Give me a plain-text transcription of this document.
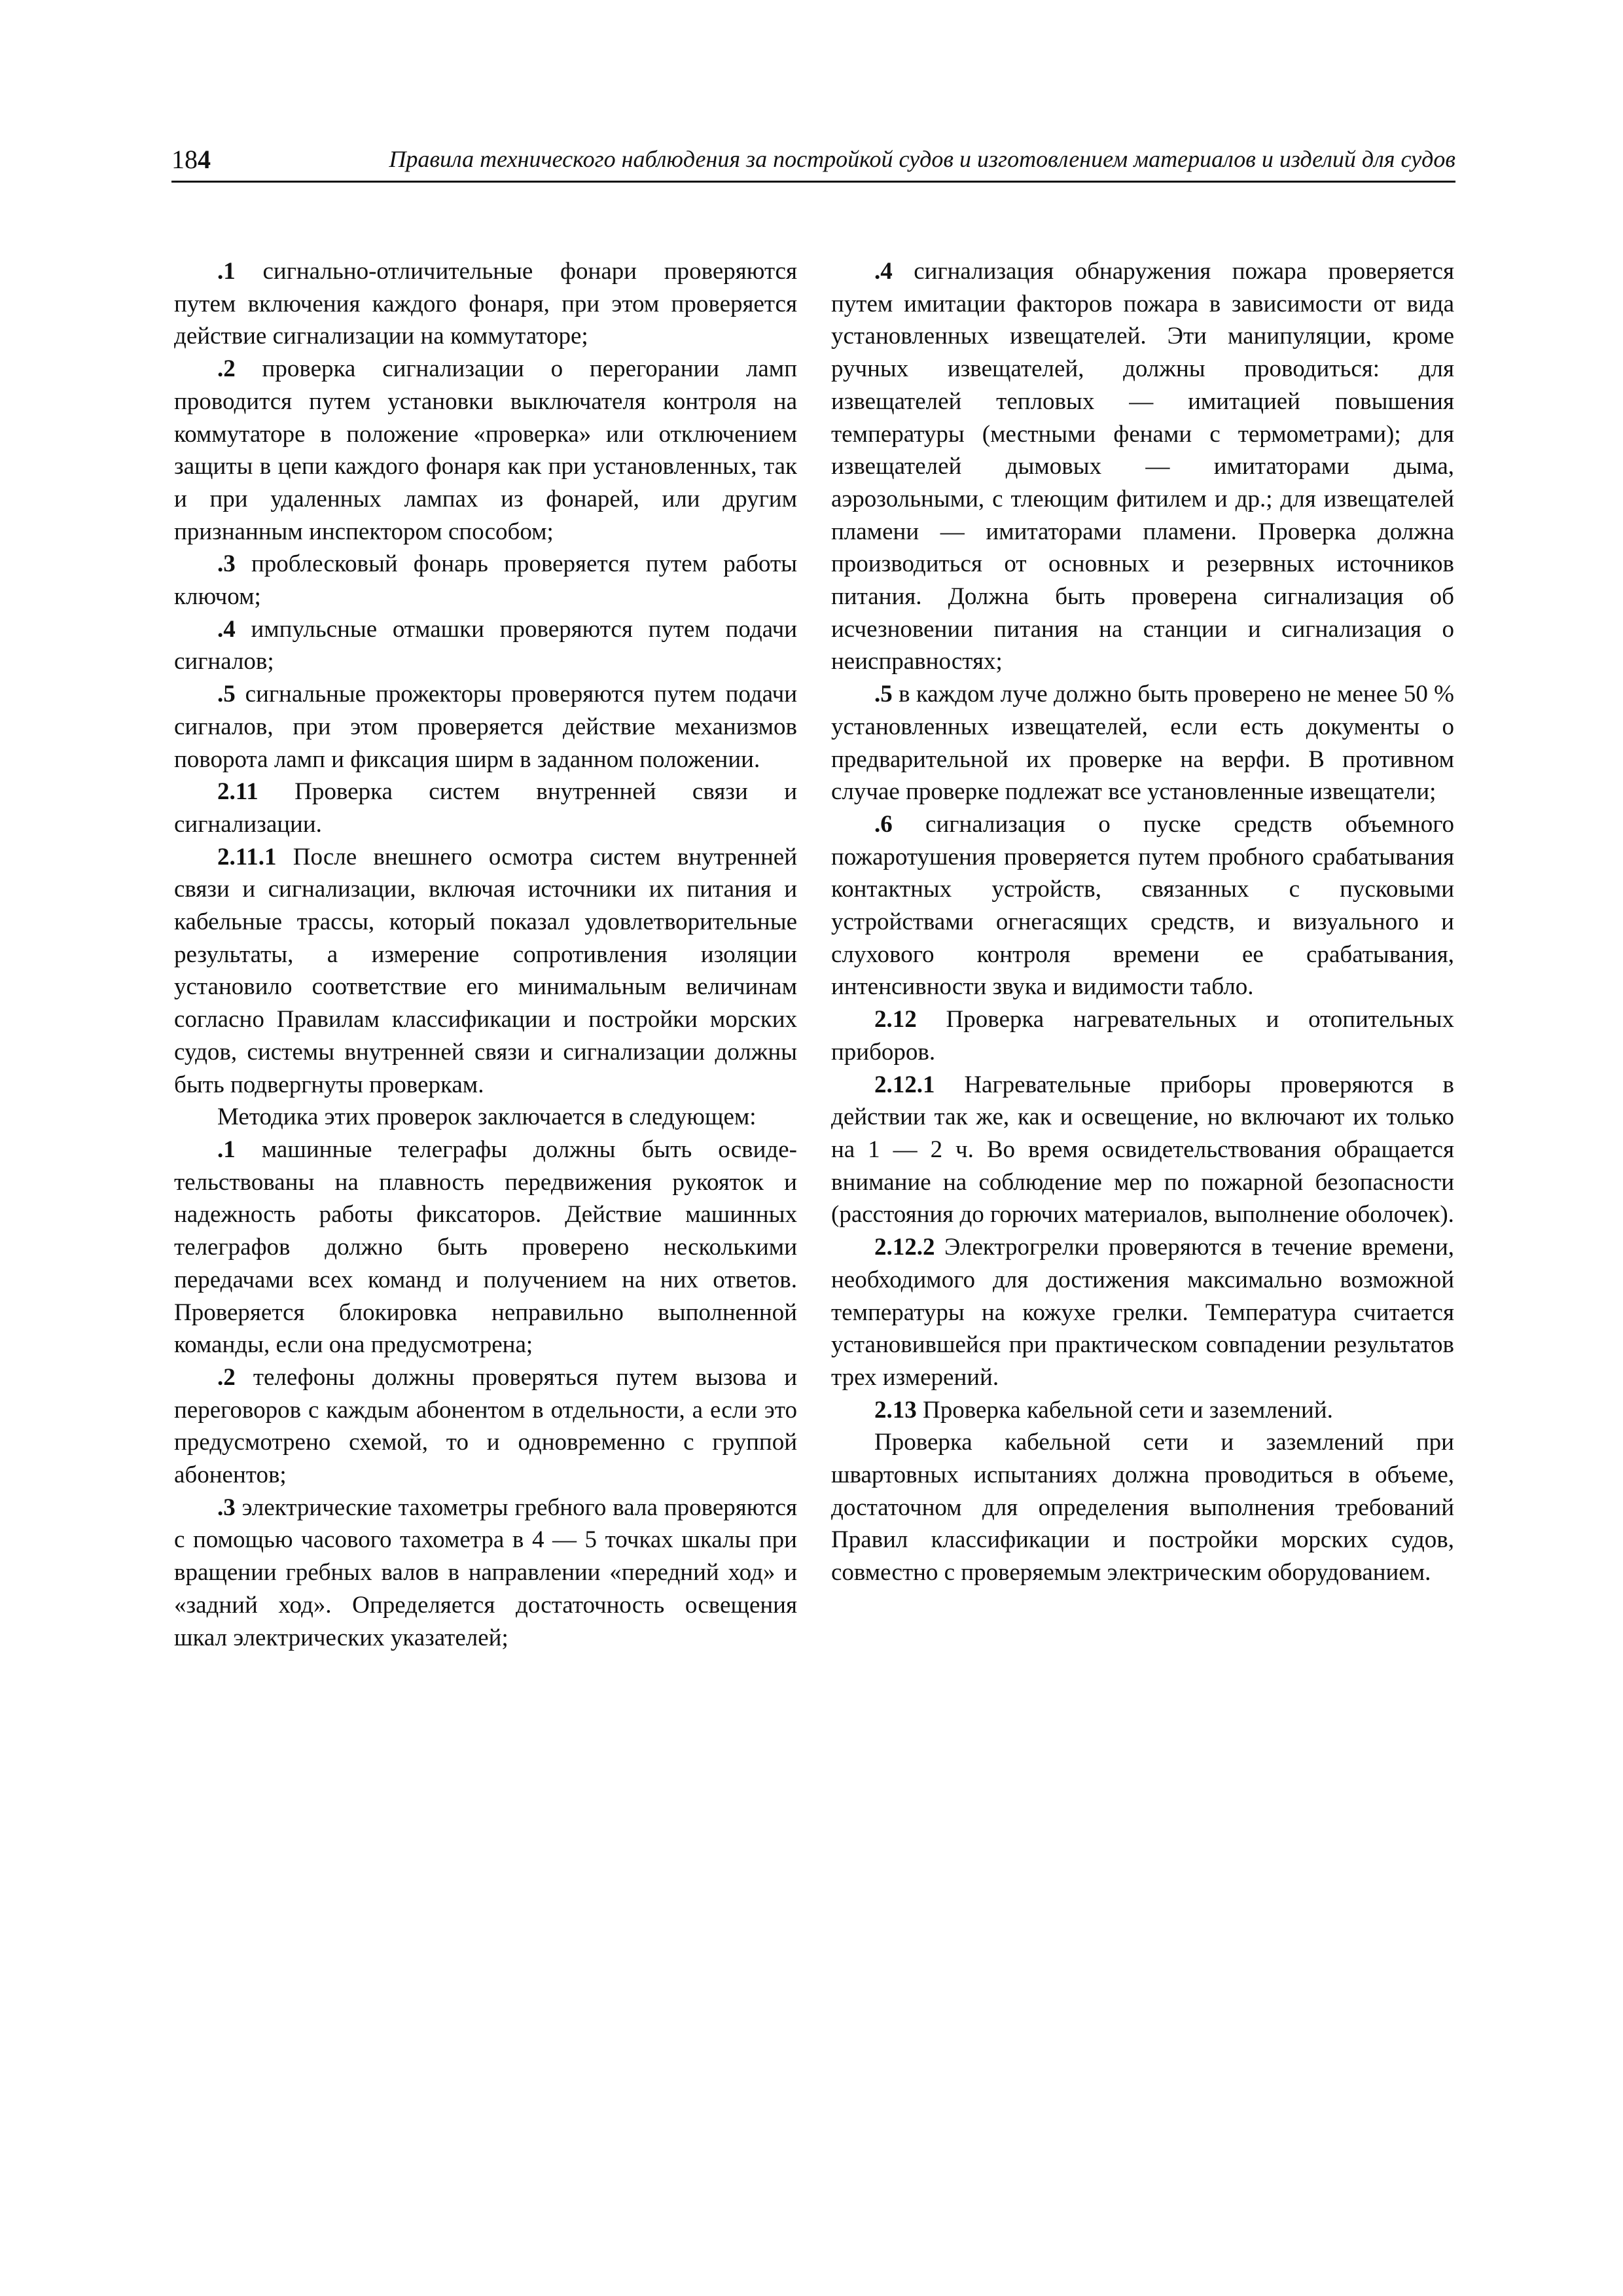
184	Правила технического наблюдения за постройкой судов и изготовлением материалов и изделий для судов

.1 сигнально-отличительные фонари проверяются путем включения каждого фонаря, при этом проверяется действие сигнализации на коммутаторе;

.2 проверка сигнализации о перегорании ламп проводится путем установки выключателя контроля на коммутаторе в положение «проверка» или отключением защиты в цепи каждого фонаря как при установленных, так и при удаленных лампах из фонарей, или другим признанным инспектором способом;

.3 проблесковый фонарь проверяется путем работы ключом;

.4 импульсные отмашки проверяются путем подачи сигналов;

.5 сигнальные прожекторы проверяются путем подачи сигналов, при этом проверяется действие механизмов поворота ламп и фиксация ширм в заданном положении.

2.11 Проверка систем внутренней связи и сигнализации.

2.11.1 После внешнего осмотра систем внутренней связи и сигнализации, включая источники их питания и кабельные трассы, который показал удовлетворительные результаты, а измерение сопротивления изоляции установило соответствие его минимальным величинам согласно Правилам классификации и постройки морских судов, системы внутренней связи и сигнализации должны быть подвергнуты проверкам.

Методика этих проверок заключается в следующем:

.1 машинные телеграфы должны быть освидетельствованы на плавность передвижения рукояток и надежность работы фиксаторов. Действие машинных телеграфов должно быть проверено несколькими передачами всех команд и получением на них ответов. Проверяется блокировка неправильно выполненной команды, если она предусмотрена;

.2 телефоны должны проверяться путем вызова и переговоров с каждым абонентом в отдельности, а если это предусмотрено схемой, то и одновременно с группой абонентов;

.3 электрические тахометры гребного вала проверяются с помощью часового тахометра в 4 — 5 точках шкалы при вращении гребных валов в направлении «передний ход» и «задний ход». Определяется достаточность освещения шкал электрических указателей;

.4 сигнализация обнаружения пожара проверяется путем имитации факторов пожара в зависимости от вида установленных извещателей. Эти манипуляции, кроме ручных извещателей, должны проводиться: для извещателей тепловых — имитацией повышения температуры (местными фенами с термометрами); для извещателей дымовых — имитаторами дыма, аэрозольными, с тлеющим фитилем и др.; для извещателей пламени — имитаторами пламени. Проверка должна производиться от основных и резервных источников питания. Должна быть проверена сигнализация об исчезновении питания на станции и сигнализация о неисправностях;

.5 в каждом луче должно быть проверено не менее 50 % установленных извещателей, если есть документы о предварительной их проверке на верфи. В противном случае проверке подлежат все установленные извещатели;

.6 сигнализация о пуске средств объемного пожаротушения проверяется путем пробного срабатывания контактных устройств, связанных с пусковыми устройствами огнегасящих средств, и визуального и слухового контроля времени ее срабатывания, интенсивности звука и видимости табло.

2.12 Проверка нагревательных и отопительных приборов.

2.12.1 Нагревательные приборы проверяются в действии так же, как и освещение, но включают их только на 1 — 2 ч. Во время освидетельствования обращается внимание на соблюдение мер по пожарной безопасности (расстояния до горючих материалов, выполнение оболочек).

2.12.2 Электрогрелки проверяются в течение времени, необходимого для достижения максимально возможной температуры на кожухе грелки. Температура считается установившейся при практическом совпадении результатов трех измерений.

2.13 Проверка кабельной сети и заземлений.

Проверка кабельной сети и заземлений при швартовных испытаниях должна проводиться в объеме, достаточном для определения выполнения требований Правил классификации и постройки морских судов, совместно с проверяемым электрическим оборудованием.
